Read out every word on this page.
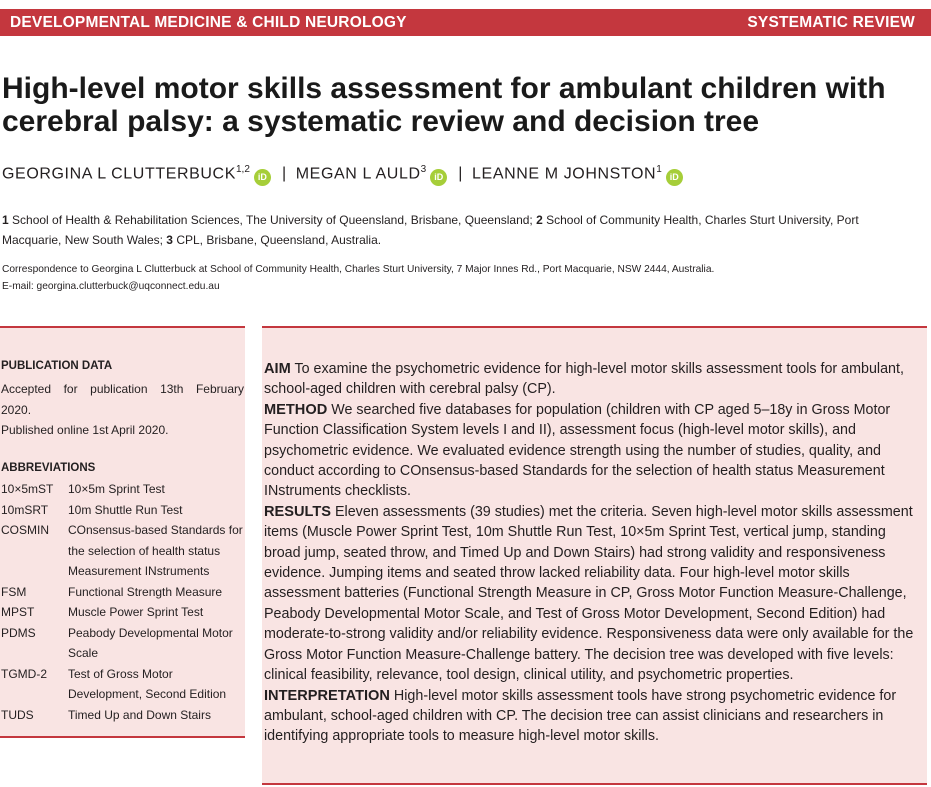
DEVELOPMENTAL MEDICINE & CHILD NEUROLOGY	SYSTEMATIC REVIEW
High-level motor skills assessment for ambulant children with
cerebral palsy: a systematic review and decision tree
GEORGINA L CLUTTERBUCK$^{1,2}$iD | MEGAN L AULD$^3$iD | LEANNE M JOHNSTON$^1$iD

1 School of Health & Rehabilitation Sciences, The University of Queensland, Brisbane, Queensland; 2 School of Community Health, Charles Sturt University, Port Macquarie, New South Wales; 3 CPL, Brisbane, Queensland, Australia.

Correspondence to Georgina L Clutterbuck at School of Community Health, Charles Sturt University, 7 Major Innes Rd., Port Macquarie, NSW 2444, Australia.
E-mail: georgina.clutterbuck@uqconnect.edu.au
PUBLICATION DATA
Accepted for publication 13th February
2020.
Published online 1st April 2020.
ABBREVIATIONS
10×5mST	10×5m Sprint Test
10mSRT	10m Shuttle Run Test
COSMIN	COnsensus-based Standards for the selection of health status Measurement INstruments
FSM	Functional Strength Measure
MPST	Muscle Power Sprint Test
PDMS	Peabody Developmental Motor Scale
TGMD-2	Test of Gross Motor Development, Second Edition
TUDS	Timed Up and Down Stairs

AIM To examine the psychometric evidence for high-level motor skills assessment tools for ambulant, school-aged children with cerebral palsy (CP).

METHOD We searched five databases for population (children with CP aged 5–18y in Gross Motor Function Classification System levels I and II), assessment focus (high-level motor skills), and psychometric evidence. We evaluated evidence strength using the number of studies, quality, and conduct according to COnsensus-based Standards for the selection of health status Measurement INstruments checklists.

RESULTS Eleven assessments (39 studies) met the criteria. Seven high-level motor skills assessment items (Muscle Power Sprint Test, 10m Shuttle Run Test, 10×5m Sprint Test, vertical jump, standing broad jump, seated throw, and Timed Up and Down Stairs) had strong validity and responsiveness evidence. Jumping items and seated throw lacked reliability data. Four high-level motor skills assessment batteries (Functional Strength Measure in CP, Gross Motor Function Measure-Challenge, Peabody Developmental Motor Scale, and Test of Gross Motor Development, Second Edition) had moderate-to-strong validity and/or reliability evidence. Responsiveness data were only available for the Gross Motor Function Measure-Challenge battery. The decision tree was developed with five levels: clinical feasibility, relevance, tool design, clinical utility, and psychometric properties.

INTERPRETATION High-level motor skills assessment tools have strong psychometric evidence for ambulant, school-aged children with CP. The decision tree can assist clinicians and researchers in identifying appropriate tools to measure high-level motor skills.
